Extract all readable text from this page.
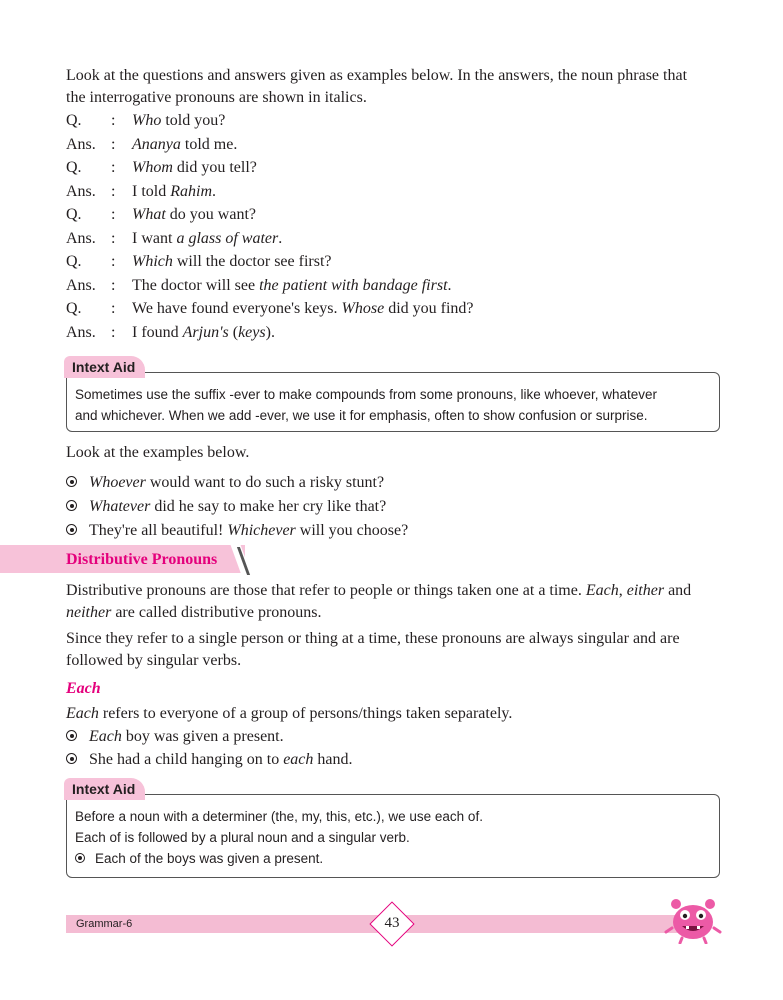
Look at the questions and answers given as examples below. In the answers, the noun phrase that
the interrogative pronouns are shown in italics.
Q. : Who told you?
Ans. : Ananya told me.
Q. : Whom did you tell?
Ans. : I told Rahim.
Q. : What do you want?
Ans. : I want a glass of water.
Q. : Which will the doctor see first?
Ans. : The doctor will see the patient with bandage first.
Q. : We have found everyone's keys. Whose did you find?
Ans. : I found Arjun's (keys).
Sometimes use the suffix -ever to make compounds from some pronouns, like whoever, whatever
and whichever. When we add -ever, we use it for emphasis, often to show confusion or surprise.
Intext Aid
Look at the examples below.
Whoever would want to do such a risky stunt?
Whatever did he say to make her cry like that?
They're all beautiful! Whichever will you choose?
Distributive Pronouns
Distributive pronouns are those that refer to people or things taken one at a time. Each, either and
neither are called distributive pronouns.
Since they refer to a single person or thing at a time, these pronouns are always singular and are
followed by singular verbs.
Each
Each refers to everyone of a group of persons/things taken separately.
Each boy was given a present.
She had a child hanging on to each hand.
Before a noun with a determiner (the, my, this, etc.), we use each of.
Each of is followed by a plural noun and a singular verb.
Each of the boys was given a present.
Intext Aid
Grammar-6	43
